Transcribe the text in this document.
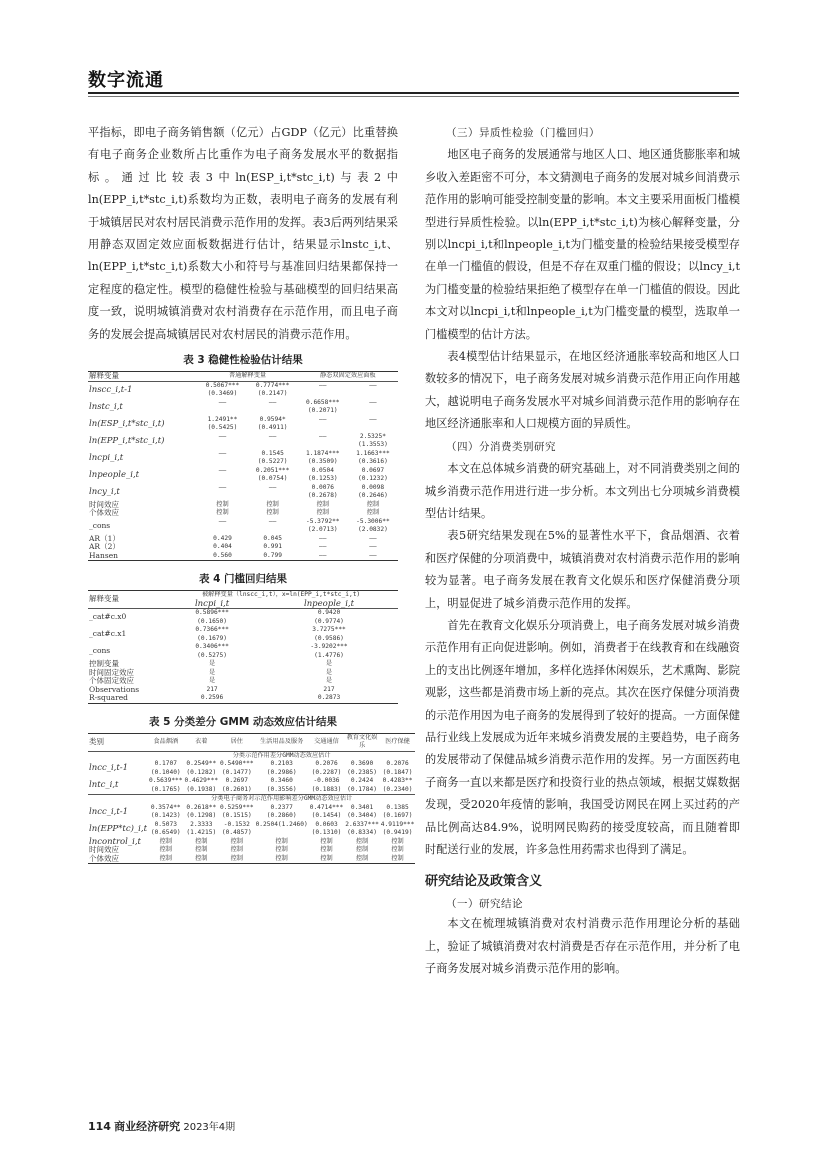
数字流通

平指标，即电子商务销售额（亿元）占GDP（亿元）比重替换有电子商务企业数所占比重作为电子商务发展水平的数据指标。通过比较表3中ln(ESP_i,t*stc_i,t)与表2中ln(EPP_i,t*stc_i,t)系数均为正数，表明电子商务的发展有利于城镇居民对农村居民消费示范作用的发挥。表3后两列结果采用静态双固定效应面板数据进行估计，结果显示lnstc_i,t、ln(EPP_i,t*stc_i,t)系数大小和符号与基准回归结果都保持一定程度的稳定性。模型的稳健性检验与基础模型的回归结果高度一致，说明城镇消费对农村消费存在示范作用，而且电子商务的发展会提高城镇居民对农村居民的消费示范作用。

表 3 稳健性检验估计结果
解释变量	普通解释变量		静态双固定效应面板	

lnscc_i,t-1	0.5067***	0.7774***	——	——
	(0.3469)	(0.2147)		
lnstc_i,t	——	——	0.6658***	——
			(0.2071)	
ln(ESP_i,t*stc_i,t)	1.2491**	0.9594*	——	——
	(0.5425)	(0.4911)		
ln(EPP_i,t*stc_i,t)	——	——	——	2.5325*
				(1.3553)
lncpi_i,t	——	0.1545	1.1874***	1.1663***
		(0.5227)	(0.3509)	(0.3616)
lnpeople_i,t	——	0.2051***	0.0504	0.0697
		(0.0754)	(0.1253)	(0.1232)
lncy_i,t	——	——	0.0076	0.0098
			(0.2678)	(0.2646)
时间效应	控制	控制	控制	控制
个体效应	控制	控制	控制	控制
_cons	——	——	-5.3792**	-5.3006**
			(2.0713)	(2.0832)
AR（1）	0.429	0.045	——	——
AR（2）	0.404	0.991	——	——
Hansen	0.560	0.799	——	——
表 4 门槛回归结果
解释变量	被解释变量（lnscc_i,t），x=ln(EPP_i,t*stc_i,t)	
	lncpi_i,t	lnpeople_i,t

_cat#c.x0	0.5896***	0.9420
	(0.1650)	(0.9774)
_cat#c.x1	0.7366***	3.7275***
	(0.1679)	(0.9586)
_cons	0.3406***	-3.9202***
	(0.5275)	(1.4776)
控制变量	是	是
时间固定效应	是	是
个体固定效应	是	是
Observations	217	217
R-squared	0.2596	0.2873
表 5 分类差分 GMM 动态效应估计结果
类别	食品烟酒	衣着	居住	生活用品及服务	交通通信	教育文化娱乐	医疗保健
	分类示范作用差分GMM动态效应估计						
lncc_i,t-1	0.1707	0.2549**	0.5490***	0.2103	0.2076	0.3690	0.2076
	(0.1040)	(0.1282)	(0.1477)	(0.2986)	(0.2287)	(0.2385)	(0.1847)
lntc_i,t	0.5639***	0.4629***	0.2697	0.3460	-0.0036	0.2424	0.4283**
	(0.1765)	(0.1938)	(0.2601)	(0.3556)	(0.1883)	(0.1784)	(0.2340)
	分类电子商务对示范作用影响差分GMM动态效应估计						
lncc_i,t-1	0.3574**	0.2618**	0.5259***	0.2377	0.4714***	0.3401	0.1385
	(0.1423)	(0.1298)	(0.1515)	(0.2860)	(0.1454)	(0.3404)	(0.1697)
ln(EPP*tc)_i,t	0.5073	2.3333	-0.1532	0.2504(1.2460)	0.0603	2.6337***	4.9119***
	(0.6549)	(1.4215)	(0.4857)		(0.1310)	(0.8334)	(0.9419)
lncontrol_i,t	控制	控制	控制	控制	控制	控制	控制
时间效应	控制	控制	控制	控制	控制	控制	控制
个体效应	控制	控制	控制	控制	控制	控制	控制
（三）异质性检验（门槛回归）

地区电子商务的发展通常与地区人口、地区通货膨胀率和城乡收入差距密不可分，本文猜测电子商务的发展对城乡间消费示范作用的影响可能受控制变量的影响。本文主要采用面板门槛模型进行异质性检验。以ln(EPP_i,t*stc_i,t)为核心解释变量，分别以lncpi_i,t和lnpeople_i,t为门槛变量的检验结果接受模型存在单一门槛值的假设，但是不存在双重门槛的假设；以lncy_i,t为门槛变量的检验结果拒绝了模型存在单一门槛值的假设。因此本文对以lncpi_i,t和lnpeople_i,t为门槛变量的模型，选取单一门槛模型的估计方法。

表4模型估计结果显示，在地区经济通胀率较高和地区人口数较多的情况下，电子商务发展对城乡消费示范作用正向作用越大，越说明电子商务发展水平对城乡间消费示范作用的影响存在地区经济通胀率和人口规模方面的异质性。

（四）分消费类别研究

本文在总体城乡消费的研究基础上，对不同消费类别之间的城乡消费示范作用进行进一步分析。本文列出七分项城乡消费模型估计结果。

表5研究结果发现在5%的显著性水平下，食品烟酒、衣着和医疗保健的分项消费中，城镇消费对农村消费示范作用的影响较为显著。电子商务发展在教育文化娱乐和医疗保健消费分项上，明显促进了城乡消费示范作用的发挥。

首先在教育文化娱乐分项消费上，电子商务发展对城乡消费示范作用有正向促进影响。例如，消费者于在线教育和在线融资上的支出比例逐年增加，多样化选择休闲娱乐，艺术熏陶、影院观影，这些都是消费市场上新的亮点。其次在医疗保健分项消费的示范作用因为电子商务的发展得到了较好的提高。一方面保健品行业线上发展成为近年来城乡消费发展的主要趋势，电子商务的发展带动了保健品城乡消费示范作用的发挥。另一方面医药电子商务一直以来都是医疗和投资行业的热点领域，根据艾媒数据发现，受2020年疫情的影响，我国受访网民在网上买过药的产品比例高达84.9%，说明网民购药的接受度较高，而且随着即时配送行业的发展，许多急性用药需求也得到了满足。

研究结论及政策含义
（一）研究结论

本文在梳理城镇消费对农村消费示范作用理论分析的基础上，验证了城镇消费对农村消费是否存在示范作用，并分析了电子商务发展对城乡消费示范作用的影响。

114 商业经济研究 2023年4期
